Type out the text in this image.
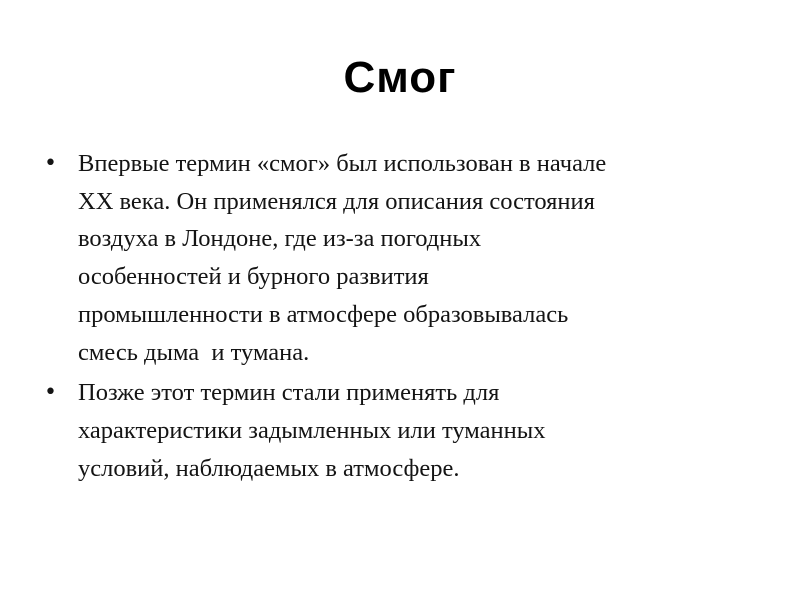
Смог
• Впервые термин «смог» был использован в начале
XX века. Он применялся для описания состояния
воздуха в Лондоне, где из-за погодных
особенностей и бурного развития
промышленности в атмосфере образовывалась
смесь дыма  и тумана.
• Позже этот термин стали применять для
характеристики задымленных или туманных
условий, наблюдаемых в атмосфере.
